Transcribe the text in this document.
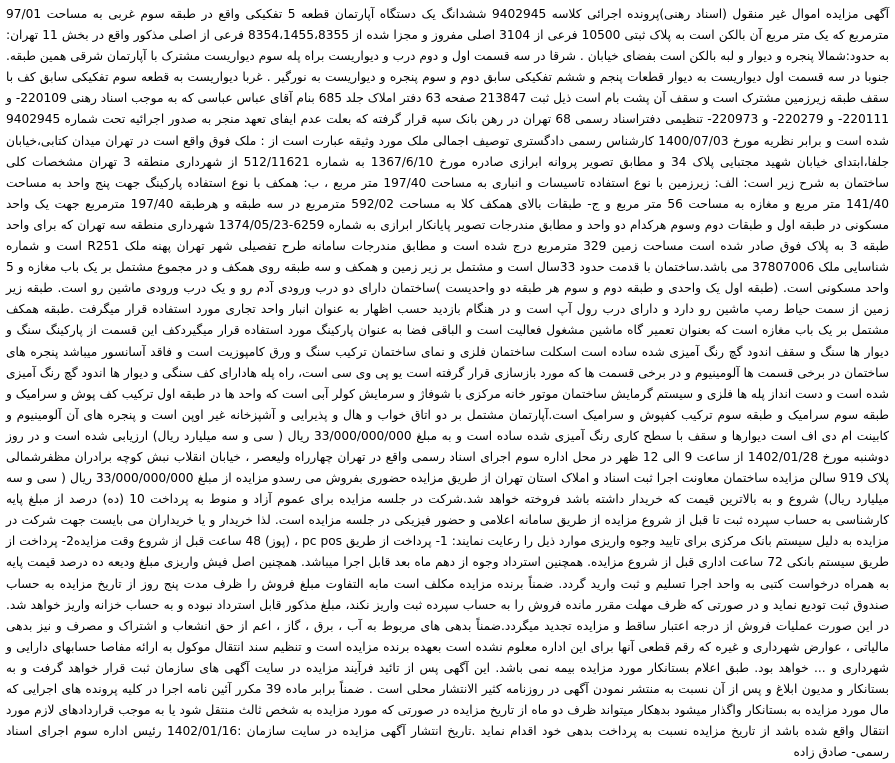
آگهی مزایده اموال غیر منقول (اسناد رهنی)پرونده اجرائی کلاسه 9402945 ششدانگ یک دستگاه آپارتمان قطعه 5 تفکیکی واقع در طبقه سوم غربی به مساحت 97/01 مترمربع که یک متر مربع آن بالکن است به پلاک ثبتی 10500 فرعی از 3104 اصلی مفروز و مجزا شده از 8354،1455،8355 فرعی از اصلی مذکور واقع در بخش 11 تهران: به حدود:شمالا پنجره و دیوار و لبه بالکن است بفضای خیابان . شرقا در سه قسمت اول و دوم درب و دیواریست براه پله سوم دیواریست مشترک با آپارتمان شرقی همین طبقه. جنوبا در سه قسمت اول دیواریست به دیوار قطعات پنجم و ششم تفکیکی سابق دوم و سوم پنجره و دیواریست به نورگیر . غربا دیواریست به قطعه سوم تفکیکی سابق کف با سقف طبقه زیرزمین مشترک است و سقف آن پشت بام است ذیل ثبت 213847 صفحه 63 دفتر املاک جلد 685 بنام آقای عباس عباسی که به موجب اسناد رهنی 220109- و 220111- و 220279- و 220973- تنظیمی دفتراسناد رسمی 68 تهران در رهن بانک سپه قرار گرفته که بعلت عدم ایفای تعهد منجر به صدور اجرائیه تحت شماره 9402945 شده است و برابر نظریه مورخ 1400/07/03 کارشناس رسمی دادگستری توصیف اجمالی ملک مورد وثیقه عبارت است از : ملک فوق واقع است در تهران میدان کتابی،خیابان جلفا،ابتدای خیابان شهید مجتبایی پلاک 34 و مطابق تصویر پروانه ابرازی صادره مورخ 1367/6/10 به شماره 512/11621 از شهرداری منطقه 3 تهران مشخصات کلی ساختمان به شرح زیر است: الف: زیرزمین با نوع استفاده تاسیسات و انباری به مساحت 197/40 متر مربع ، ب: همکف با نوع استفاده پارکینگ جهت پنج واحد به مساحت 141/40 متر مربع و مغازه به مساحت 56 متر مربع و ج- طبقات بالای همکف کلا به مساحت 592/02 مترمربع در سه طبقه و هرطبقه 197/40 مترمربع جهت یک واحد مسکونی در طبقه اول و طبقات دوم وسوم هرکدام دو واحد و مطابق مندرجات تصویر پایانکار ابرازی به شماره 6259-1374/05/23 شهرداری منطقه سه تهران که برای واحد طبقه 3 به پلاک فوق صادر شده است مساحت زمین 329 مترمربع درج شده است و مطابق مندرجات سامانه طرح تفصیلی شهر تهران پهنه ملک R251 است و شماره شناسایی ملک 37807006 می باشد.ساختمان با قدمت حدود 33سال است و مشتمل بر زیر زمین و همکف و سه طبقه روی همکف و در مجموع مشتمل بر یک باب مغازه و 5 واحد مسکونی است. (طبقه اول یک واحدی و طبقه دوم و سوم هر طبقه دو واحدیست )ساختمان دارای دو درب ورودی آدم رو و یک درب ورودی ماشین رو است. طبقه زیر زمین از سمت حیاط رمپ ماشین رو دارد و دارای درب رول آپ است و در هنگام بازدید حسب اظهار به عنوان انبار واحد تجاری مورد استفاده قرار میگرفت .طبقه همکف مشتمل بر یک باب مغازه است که بعنوان تعمیر گاه ماشین مشغول فعالیت است و الباقی فضا به عنوان پارکینگ مورد استفاده قرار میگیردکف این قسمت از پارکینگ سنگ و دیوار ها سنگ و سقف اندود گچ رنگ آمیزی شده ساده است اسکلت ساختمان فلزی و نمای ساختمان ترکیب سنگ و ورق کامپوزیت است و فاقد آسانسور میباشد پنجره های ساختمان در برخی قسمت ها آلومینیوم و در برخی قسمت ها که مورد بازسازی قرار گرفته است یو پی وی سی است، راه پله هادارای کف سنگی و دیوار ها اندود گچ رنگ آمیزی شده است و دست انداز پله ها فلزی و سیستم گرمایش ساختمان موتور خانه مرکزی با شوفاژ و سرمایش کولر آبی است که واحد ها در طبقه اول ترکیب کف پوش و سرامیک و طبقه سوم سرامیک و طبقه سوم ترکیب کفپوش و سرامیک است.آپارتمان مشتمل بر دو اتاق خواب و هال و پذیرایی و آشپزخانه غیر اوپن است و پنجره های آن آلومینیوم و کابینت ام دی اف است دیوارها و سقف با سطح کاری رنگ آمیزی شده ساده است و به مبلغ 33/000/000/000 ریال ( سی و سه میلیارد ریال) ارزیابی شده است و در روز دوشنبه مورخ 1402/01/28 از ساعت 9 الی 12 ظهر در محل اداره سوم اجرای اسناد رسمی واقع در تهران چهارراه ولیعصر ، خیابان انقلاب نبش کوچه برادران مظفرشمالی پلاک 919 سالن مزایده ساختمان معاونت اجرا ثبت اسناد و املاک استان تهران از طریق مزایده حضوری بفروش می رسدو مزایده از مبلغ 33/000/000/000 ریال ( سی و سه میلیارد ریال) شروع و به بالاترین قیمت که خریدار داشته باشد فروخته خواهد شد.شرکت در جلسه مزایده برای عموم آزاد و منوط به پرداخت 10 (ده) درصد از مبلغ پایه کارشناسی به حساب سپرده ثبت تا قبل از شروع مزایده از طریق سامانه اعلامی و حضور فیزیکی در جلسه مزایده است. لذا خریدار و یا خریداران می بایست جهت شرکت در مزایده به دلیل سیستم بانک مرکزی برای تایید وجوه واریزی موارد ذیل را رعایت نمایند: 1- پرداخت از طریق pc pos ، (پوز) 48 ساعت قبل از شروع وقت مزایده2- پرداخت از طریق سیستم بانکی 72 ساعت اداری قبل از شروع مزایده. همچنین استرداد وجوه از دهم ماه بعد قابل اجرا میباشد. همچنین اصل فیش واریزی مبلغ ودیعه ده درصد قیمت پایه به همراه درخواست کتبی به واحد اجرا تسلیم و ثبت وارید گردد. ضمناً برنده مزایده مکلف است مابه التفاوت مبلغ فروش را ظرف مدت پنج روز از تاریخ مزایده به حساب صندوق ثبت تودیع نماید و در صورتی که ظرف مهلت مقرر مانده فروش را به حساب سپرده ثبت واریز نکند، مبلغ مذکور قابل استرداد نبوده و به حساب خزانه واریز خواهد شد. در این صورت عملیات فروش از درجه اعتبار ساقط و مزایده تجدید میگردد.ضمناً بدهی های مربوط به آب ، برق ، گاز ، اعم از حق انشعاب و اشتراک و مصرف و نیز بدهی مالیاتی ، عوارض شهرداری و غیره که رقم قطعی آنها برای این اداره معلوم نشده است بعهده برنده مزایده است و تنظیم سند انتقال موکول به ارائه مفاصا حسابهای دارایی و شهرداری و ... خواهد بود. طبق اعلام بستانکار مورد مزایده بیمه نمی باشد. این آگهی پس از تائید فرآیند مزایده در سایت آگهی های سازمان ثبت قرار خواهد گرفت و به بستانکار و مدیون ابلاغ و پس از آن نسبت به منتشر نمودن آگهی در روزنامه کثیر الانتشار محلی است . ضمناً برابر ماده 39 مکرر آئین نامه اجرا در کلیه پرونده های اجرایی که مال مورد مزایده به بستانکار واگذار میشود بدهکار میتواند ظرف دو ماه از تاریخ مزایده در صورتی که مورد مزایده به شخص ثالث منتقل شود یا به موجب قراردادهای لازم مورد انتقال واقع شده باشد از تاریخ مزایده نسبت به پرداخت بدهی خود اقدام نماید .تاریخ انتشار آگهی مزایده در سایت سازمان :1402/01/16 رئیس اداره سوم اجرای اسناد رسمی- صادق زاده
